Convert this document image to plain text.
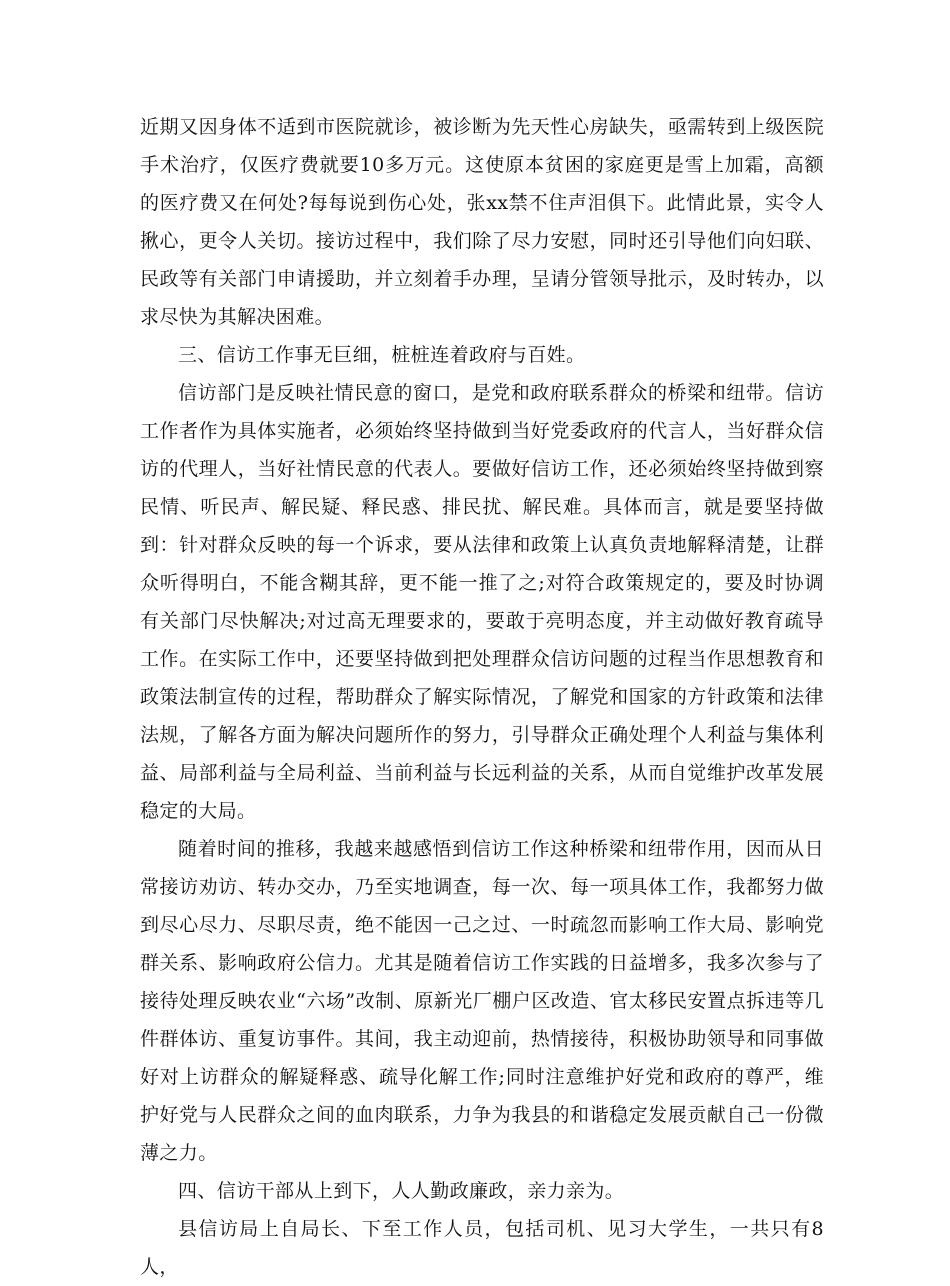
近期又因身体不适到市医院就诊，被诊断为先天性心房缺失，亟需转到上级医院手术治疗，仅医疗费就要10多万元。这使原本贫困的家庭更是雪上加霜，高额的医疗费又在何处?每每说到伤心处，张xx禁不住声泪俱下。此情此景，实令人揪心，更令人关切。接访过程中，我们除了尽力安慰，同时还引导他们向妇联、民政等有关部门申请援助，并立刻着手办理，呈请分管领导批示，及时转办，以求尽快为其解决困难。

三、信访工作事无巨细，桩桩连着政府与百姓。

信访部门是反映社情民意的窗口，是党和政府联系群众的桥梁和纽带。信访工作者作为具体实施者，必须始终坚持做到当好党委政府的代言人，当好群众信访的代理人，当好社情民意的代表人。要做好信访工作，还必须始终坚持做到察民情、听民声、解民疑、释民惑、排民扰、解民难。具体而言，就是要坚持做到：针对群众反映的每一个诉求，要从法律和政策上认真负责地解释清楚，让群众听得明白，不能含糊其辞，更不能一推了之;对符合政策规定的，要及时协调有关部门尽快解决;对过高无理要求的，要敢于亮明态度，并主动做好教育疏导工作。在实际工作中，还要坚持做到把处理群众信访问题的过程当作思想教育和政策法制宣传的过程，帮助群众了解实际情况，了解党和国家的方针政策和法律法规，了解各方面为解决问题所作的努力，引导群众正确处理个人利益与集体利益、局部利益与全局利益、当前利益与长远利益的关系，从而自觉维护改革发展稳定的大局。

随着时间的推移，我越来越感悟到信访工作这种桥梁和纽带作用，因而从日常接访劝访、转办交办，乃至实地调查，每一次、每一项具体工作，我都努力做到尽心尽力、尽职尽责，绝不能因一己之过、一时疏忽而影响工作大局、影响党群关系、影响政府公信力。尤其是随着信访工作实践的日益增多，我多次参与了接待处理反映农业“六场”改制、原新光厂棚户区改造、官太移民安置点拆违等几件群体访、重复访事件。其间，我主动迎前，热情接待，积极协助领导和同事做好对上访群众的解疑释惑、疏导化解工作;同时注意维护好党和政府的尊严，维护好党与人民群众之间的血肉联系，力争为我县的和谐稳定发展贡献自己一份微薄之力。

四、信访干部从上到下，人人勤政廉政，亲力亲为。

县信访局上自局长、下至工作人员，包括司机、见习大学生，一共只有8人，
